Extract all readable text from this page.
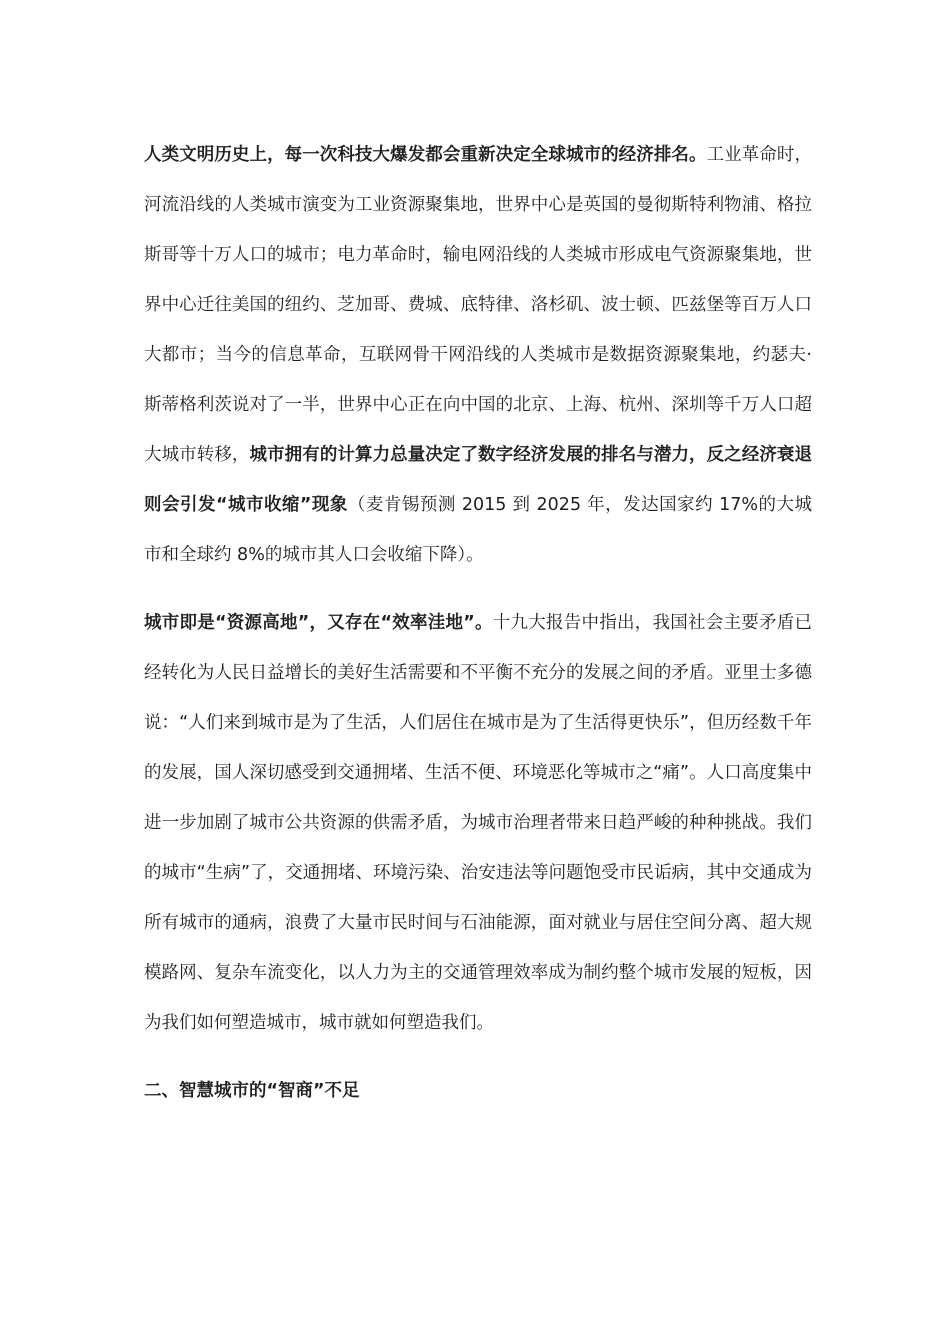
人类文明历史上，每一次科技大爆发都会重新决定全球城市的经济排名。工业革命时，河流沿线的人类城市演变为工业资源聚集地，世界中心是英国的曼彻斯特利物浦、格拉斯哥等十万人口的城市；电力革命时，输电网沿线的人类城市形成电气资源聚集地，世界中心迁往美国的纽约、芝加哥、费城、底特律、洛杉矶、波士顿、匹兹堡等百万人口大都市；当今的信息革命，互联网骨干网沿线的人类城市是数据资源聚集地，约瑟夫·斯蒂格利茨说对了一半，世界中心正在向中国的北京、上海、杭州、深圳等千万人口超大城市转移，城市拥有的计算力总量决定了数字经济发展的排名与潜力，反之经济衰退则会引发“城市收缩”现象（麦肯锡预测 2015 到 2025 年，发达国家约 17%的大城市和全球约 8%的城市其人口会收缩下降）。

城市即是“资源高地”，又存在“效率洼地”。十九大报告中指出，我国社会主要矛盾已经转化为人民日益增长的美好生活需要和不平衡不充分的发展之间的矛盾。亚里士多德说：“人们来到城市是为了生活，人们居住在城市是为了生活得更快乐”，但历经数千年的发展，国人深切感受到交通拥堵、生活不便、环境恶化等城市之“痛”。人口高度集中进一步加剧了城市公共资源的供需矛盾，为城市治理者带来日趋严峻的种种挑战。我们的城市“生病”了，交通拥堵、环境污染、治安违法等问题饱受市民诟病，其中交通成为所有城市的通病，浪费了大量市民时间与石油能源，面对就业与居住空间分离、超大规模路网、复杂车流变化，以人力为主的交通管理效率成为制约整个城市发展的短板，因为我们如何塑造城市，城市就如何塑造我们。

二、智慧城市的“智商”不足
